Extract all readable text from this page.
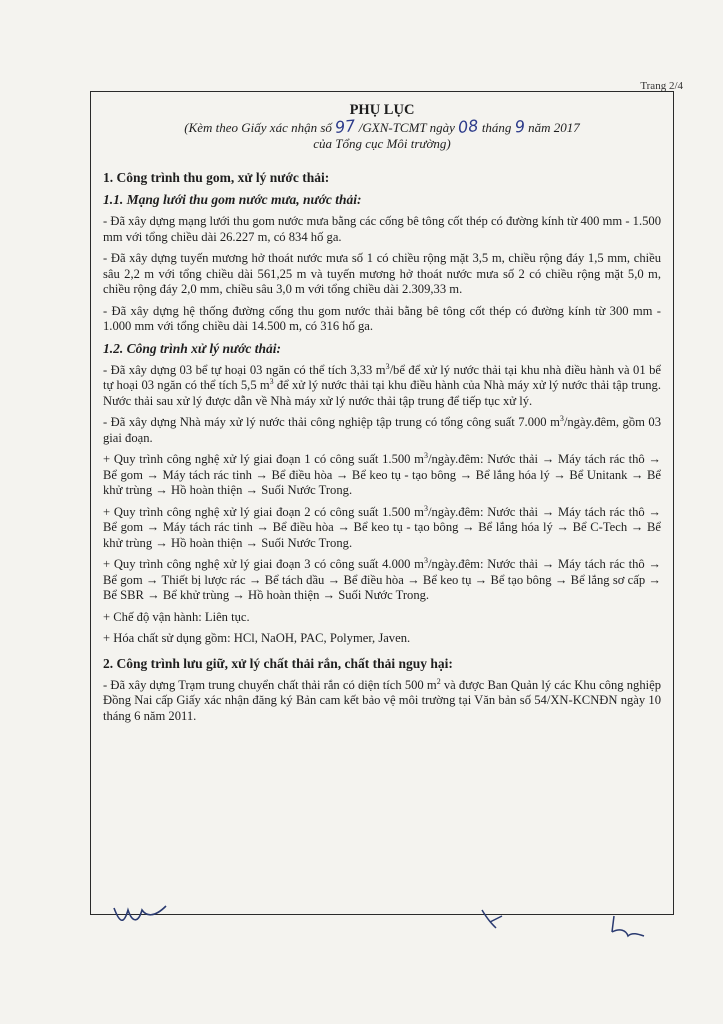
Trang 2/4
PHỤ LỤC
(Kèm theo Giấy xác nhận số 97 /GXN-TCMT ngày 08 tháng 9 năm 2017
của Tổng cục Môi trường)
1. Công trình thu gom, xử lý nước thải:
1.1. Mạng lưới thu gom nước mưa, nước thải:

- Đã xây dựng mạng lưới thu gom nước mưa bằng các cống bê tông cốt thép có đường kính từ 400 mm - 1.500 mm với tổng chiều dài 26.227 m, có 834 hố ga.

- Đã xây dựng tuyến mương hở thoát nước mưa số 1 có chiều rộng mặt 3,5 m, chiều rộng đáy 1,5 mm, chiều sâu 2,2 m với tổng chiều dài 561,25 m và tuyến mương hở thoát nước mưa số 2 có chiều rộng mặt 5,0 m, chiều rộng đáy 2,0 mm, chiều sâu 3,0 m với tổng chiều dài 2.309,33 m.

- Đã xây dựng hệ thống đường cống thu gom nước thải bằng bê tông cốt thép có đường kính từ 300 mm - 1.000 mm với tổng chiều dài 14.500 m, có 316 hố ga.

1.2. Công trình xử lý nước thải:

- Đã xây dựng 03 bể tự hoại 03 ngăn có thể tích 3,33 $m^3/bể$ để xử lý nước thải tại khu nhà điều hành và 01 bể tự hoại 03 ngăn có thể tích 5,5 $m^3$ để xử lý nước thải tại khu điều hành của Nhà máy xử lý nước thải tập trung. Nước thải sau xử lý được dẫn về Nhà máy xử lý nước thải tập trung để tiếp tục xử lý.

- Đã xây dựng Nhà máy xử lý nước thải công nghiệp tập trung có tổng công suất 7.000 $m^3/ngày.đêm$, gồm 03 giai đoạn.

+ Quy trình công nghệ xử lý giai đoạn 1 có công suất 1.500 $m^3/ngày.đêm$: Nước thải → Máy tách rác thô → Bể gom → Máy tách rác tinh → Bể điều hòa → Bể keo tụ - tạo bông → Bể lắng hóa lý → Bể Unitank → Bể khử trùng → Hồ hoàn thiện → Suối Nước Trong.

+ Quy trình công nghệ xử lý giai đoạn 2 có công suất 1.500 $m^3/ngày.đêm$: Nước thải → Máy tách rác thô → Bể gom → Máy tách rác tinh → Bể điều hòa → Bể keo tụ - tạo bông → Bể lắng hóa lý → Bể C-Tech → Bể khử trùng → Hồ hoàn thiện → Suối Nước Trong.

+ Quy trình công nghệ xử lý giai đoạn 3 có công suất 4.000 $m^3/ngày.đêm$: Nước thải → Máy tách rác thô → Bể gom → Thiết bị lược rác → Bể tách dầu → Bể điều hòa → Bể keo tụ → Bể tạo bông → Bể lắng sơ cấp → Bể SBR → Bể khử trùng → Hồ hoàn thiện → Suối Nước Trong.

+ Chế độ vận hành: Liên tục.

+ Hóa chất sử dụng gồm: HCl, NaOH, PAC, Polymer, Javen.

2. Công trình lưu giữ, xử lý chất thải rắn, chất thải nguy hại:

- Đã xây dựng Trạm trung chuyển chất thải rắn có diện tích 500 $m^2$ và được Ban Quản lý các Khu công nghiệp Đồng Nai cấp Giấy xác nhận đăng ký Bản cam kết bảo vệ môi trường tại Văn bản số 54/XN-KCNĐN ngày 10 tháng 6 năm 2011.
